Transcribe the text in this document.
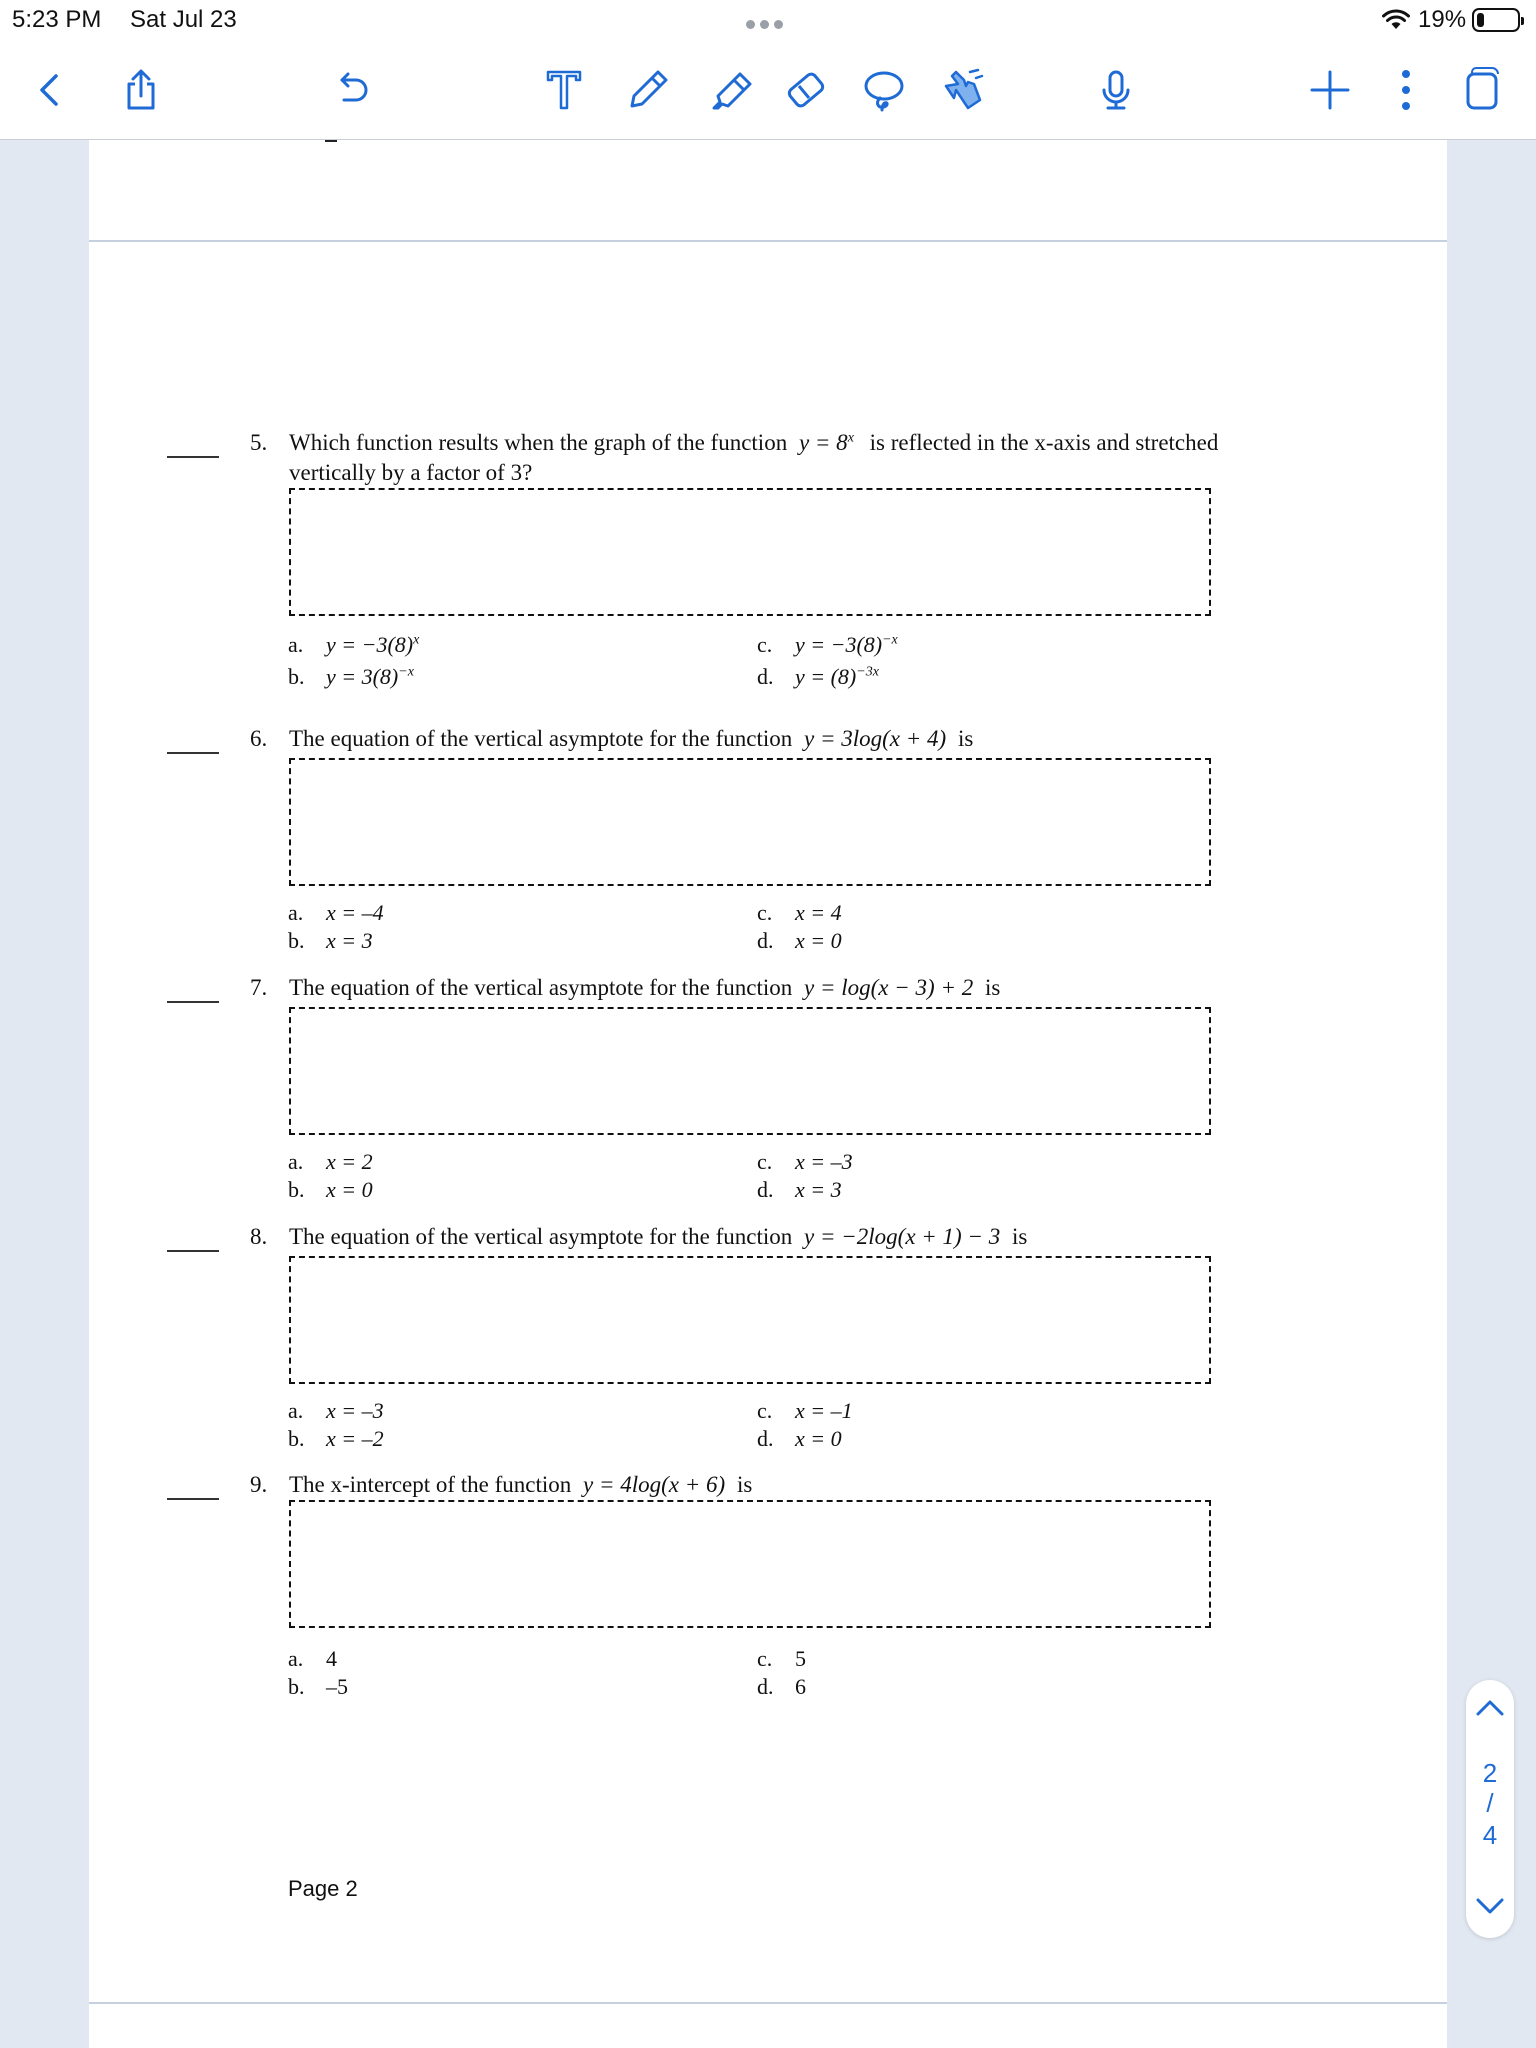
5:23 PM Sat Jul 23	19%
5. Which function results when the graph of the function $y = 8^x$ is reflected in the x-axis and stretched
vertically by a factor of 3?
a. $y = -3(8)^x$
b. $y = 3(8)^{-x}$
c. $y = -3(8)^{-x}$
d. $y = (8)^{-3x}$
6. The equation of the vertical asymptote for the function y = 3log(x + 4) is
a. x = –4
b. x = 3
c. x = 4
d. x = 0
7. The equation of the vertical asymptote for the function y = log(x − 3) + 2 is
a. x = 2
b. x = 0
c. x = –3
d. x = 3
8. The equation of the vertical asymptote for the function y = −2log(x + 1) − 3 is
a. x = –3
b. x = –2
c. x = –1
d. x = 0
9. The x-intercept of the function y = 4log(x + 6) is
a. 4
b. –5
c. 5
d. 6
Page 2
2
/
4
